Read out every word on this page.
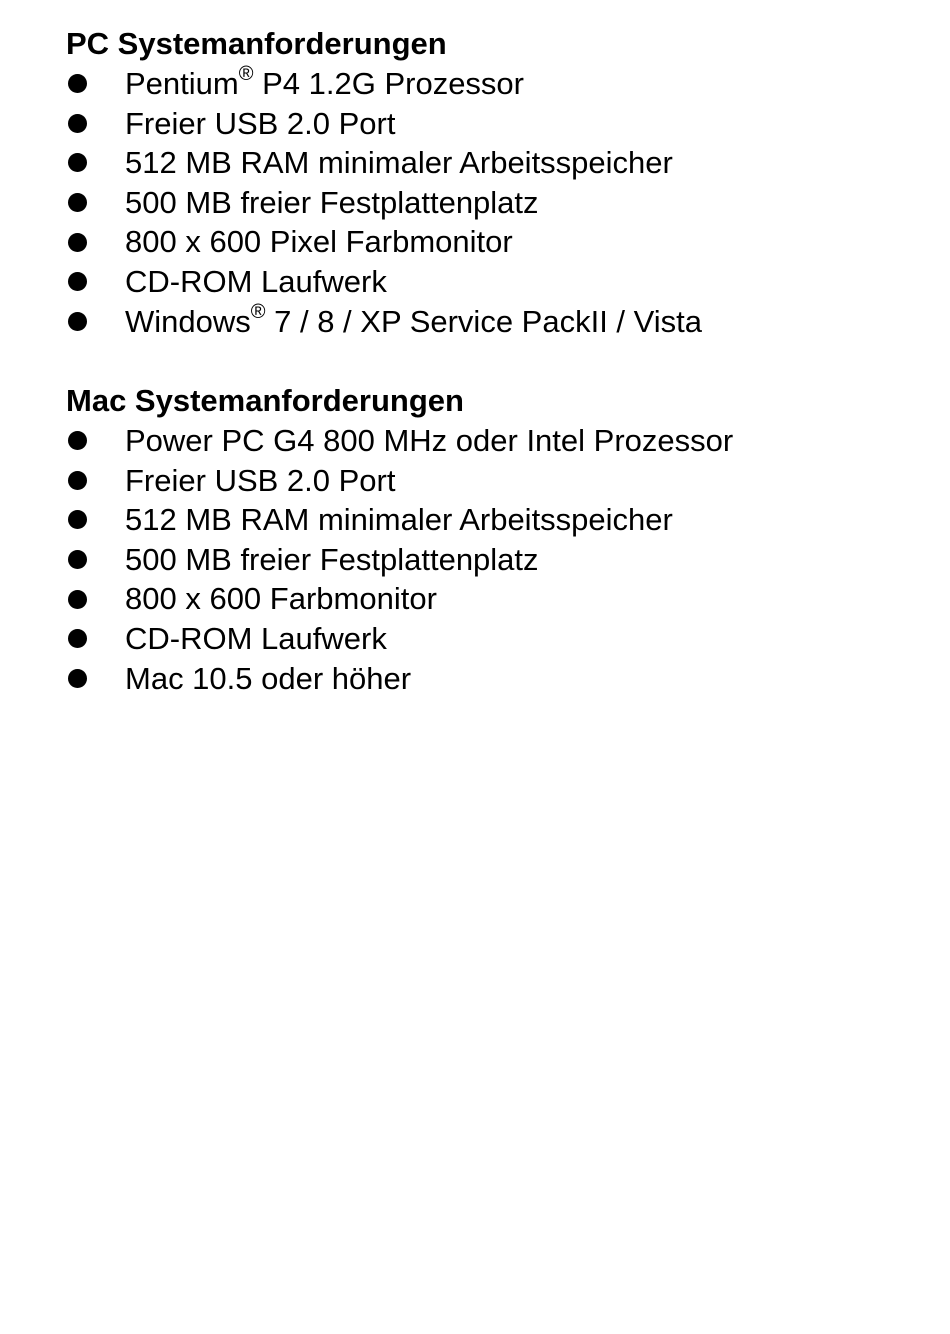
PC Systemanforderungen
Pentium® P4 1.2G Prozessor
Freier USB 2.0 Port
512 MB RAM minimaler Arbeitsspeicher
500 MB freier Festplattenplatz
800 x 600 Pixel Farbmonitor
CD-ROM Laufwerk
Windows® 7 / 8 / XP Service PackII / Vista
Mac Systemanforderungen
Power PC G4 800 MHz oder Intel Prozessor
Freier USB 2.0 Port
512 MB RAM minimaler Arbeitsspeicher
500 MB freier Festplattenplatz
800 x 600 Farbmonitor
CD-ROM Laufwerk
Mac 10.5 oder höher
